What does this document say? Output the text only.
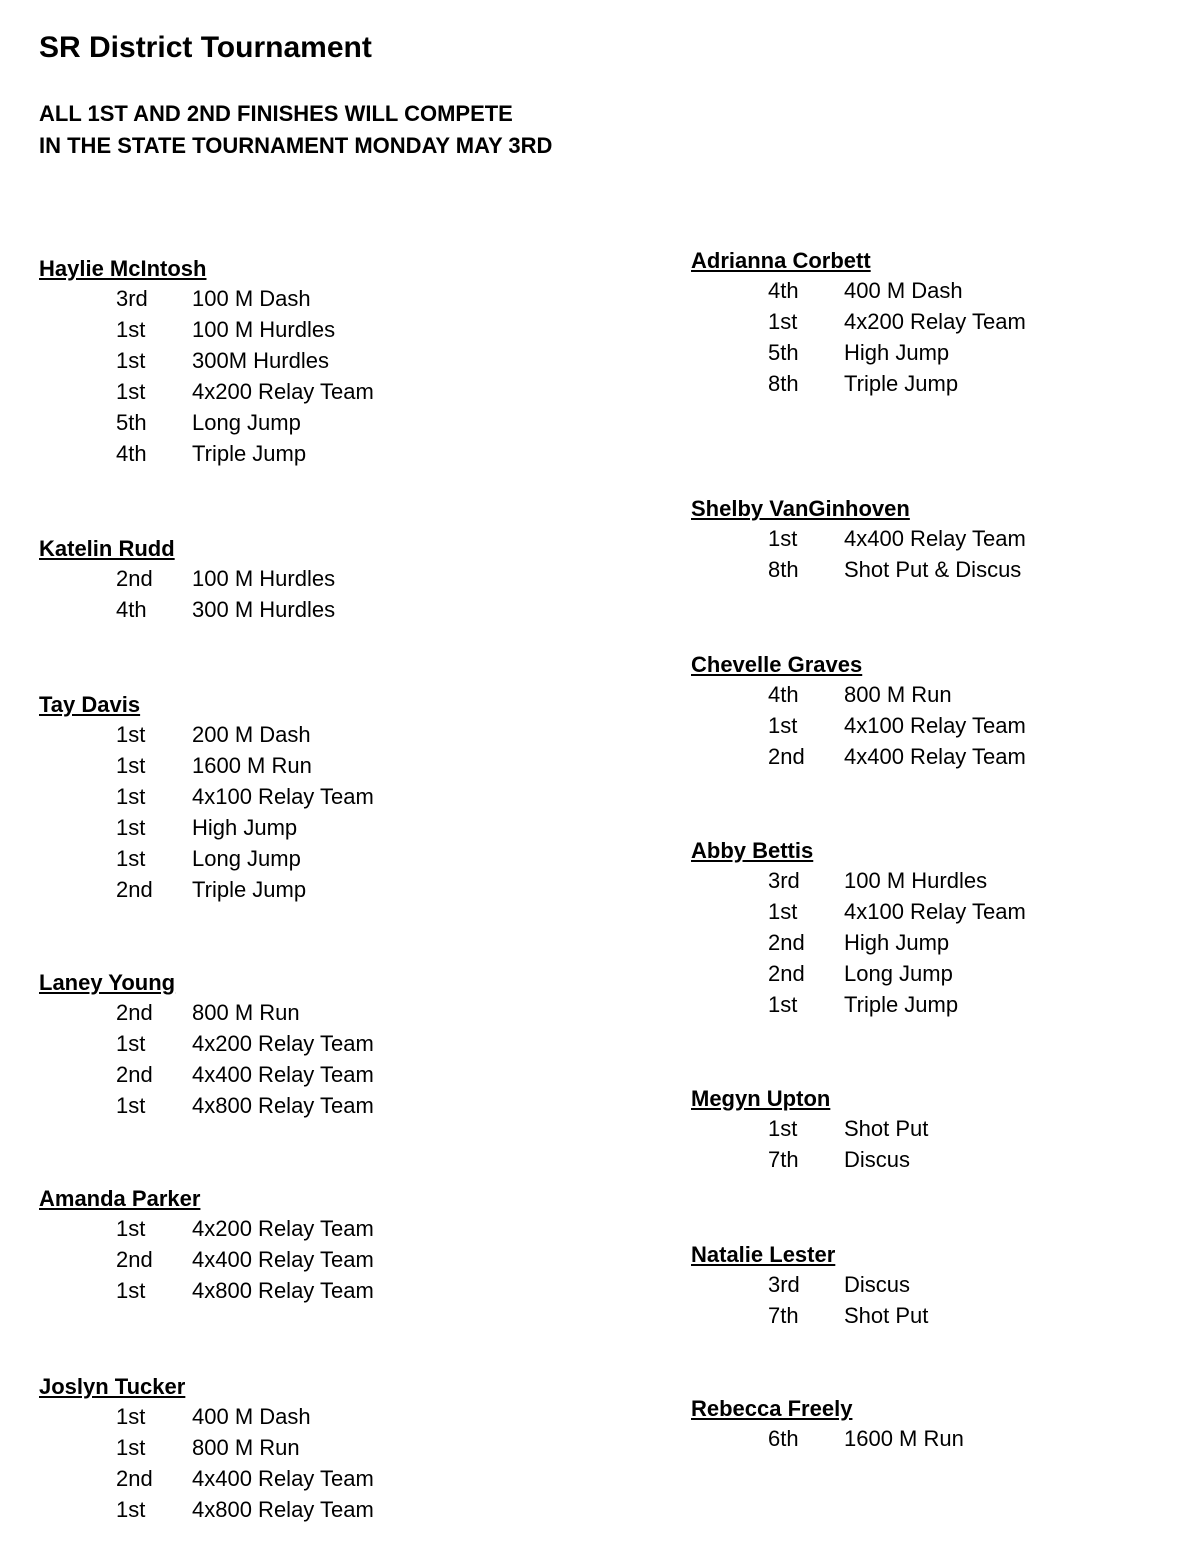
SR District Tournament
ALL 1ST AND 2ND FINISHES WILL COMPETE
IN THE STATE TOURNAMENT MONDAY MAY 3RD
Haylie McIntosh
3rd 100 M Dash
1st 100 M Hurdles
1st 300M Hurdles
1st 4x200 Relay Team
5th Long Jump
4th Triple Jump
Katelin Rudd
2nd 100 M Hurdles
4th 300 M Hurdles
Tay Davis
1st 200 M Dash
1st 1600 M Run
1st 4x100 Relay Team
1st High Jump
1st Long Jump
2nd Triple Jump
Laney Young
2nd 800 M Run
1st 4x200 Relay Team
2nd 4x400 Relay Team
1st 4x800 Relay Team
Amanda Parker
1st 4x200 Relay Team
2nd 4x400 Relay Team
1st 4x800 Relay Team
Joslyn Tucker
1st 400 M Dash
1st 800 M Run
2nd 4x400 Relay Team
1st 4x800 Relay Team
Adrianna Corbett
4th 400 M Dash
1st 4x200 Relay Team
5th High Jump
8th Triple Jump
Shelby VanGinhoven
1st 4x400 Relay Team
8th Shot Put & Discus
Chevelle Graves
4th 800 M Run
1st 4x100 Relay Team
2nd 4x400 Relay Team
Abby Bettis
3rd 100 M Hurdles
1st 4x100 Relay Team
2nd High Jump
2nd Long Jump
1st Triple Jump
Megyn Upton
1st Shot Put
7th Discus
Natalie Lester
3rd Discus
7th Shot Put
Rebecca Freely
6th 1600 M Run
